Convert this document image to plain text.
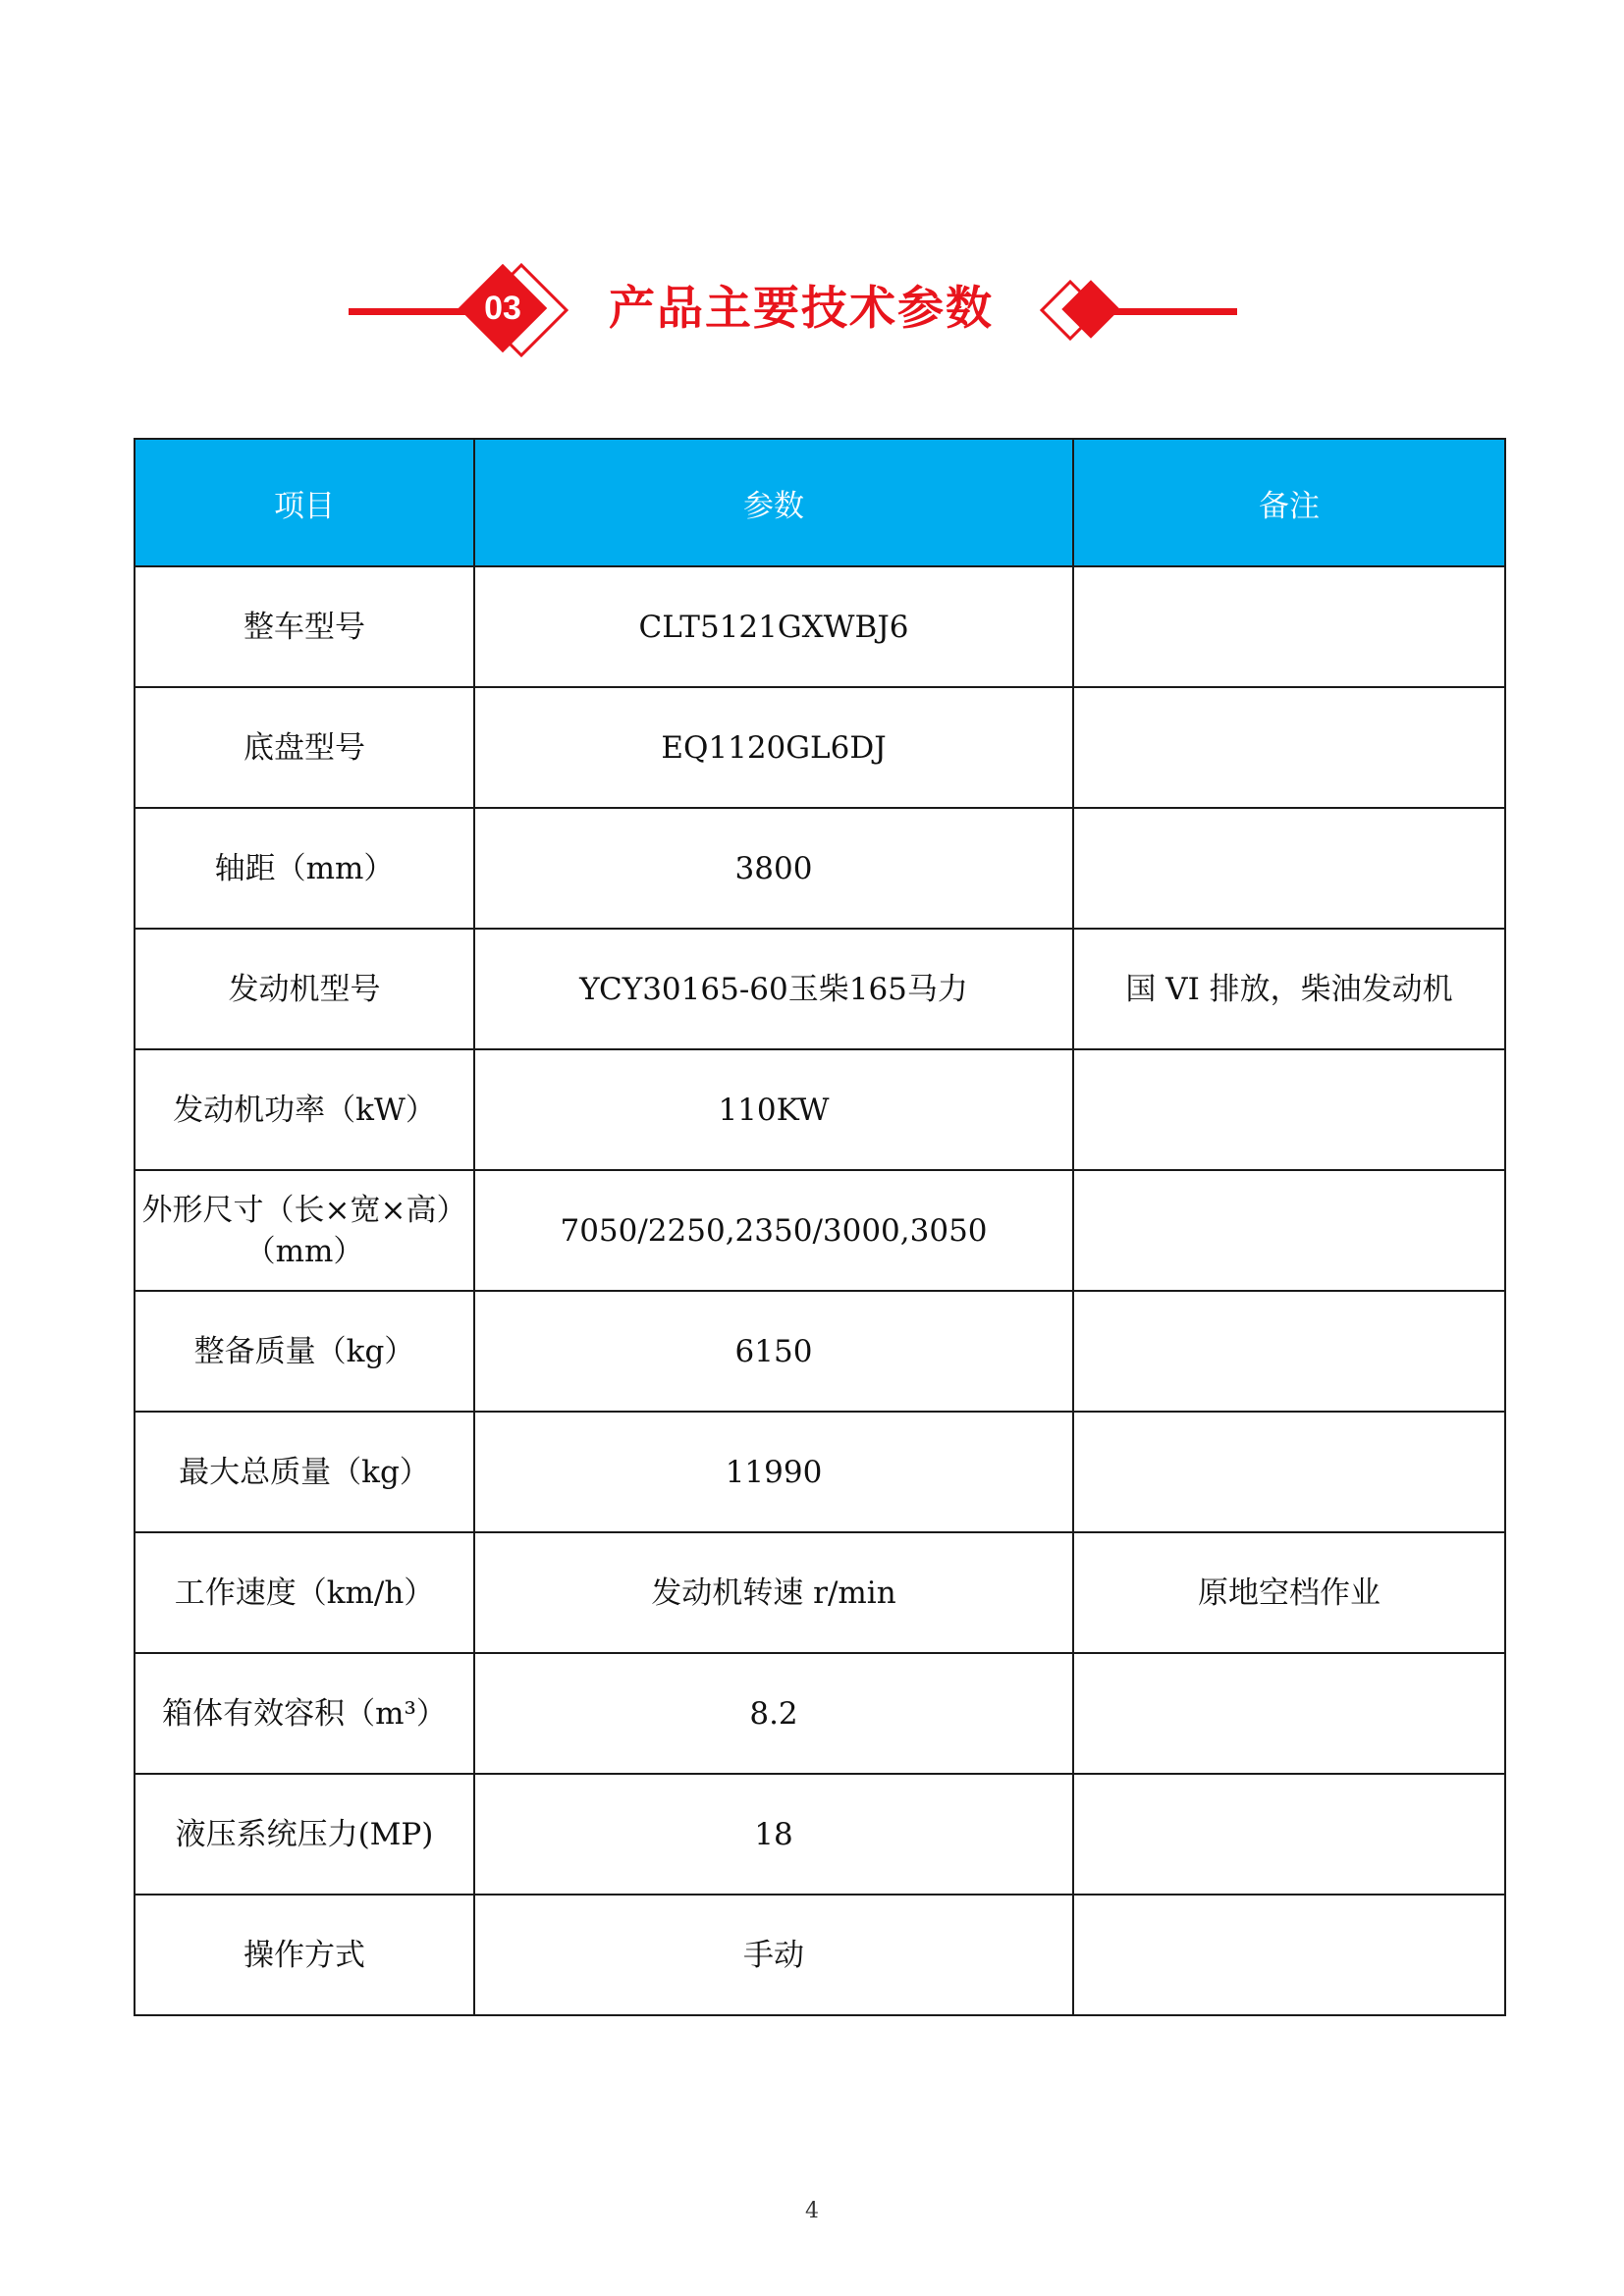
03 产品主要技术参数
项目	参数	备注
整车型号	CLT5121GXWBJ6	
底盘型号	EQ1120GL6DJ	
轴距（mm）	3800	
发动机型号	YCY30165-60玉柴165马力	国 VI 排放，柴油发动机
发动机功率（kW）	110KW	
外形尺寸（长×宽×高）（mm）	7050/2250,2350/3000,3050	
整备质量（kg）	6150	
最大总质量（kg）	11990	
工作速度（km/h）	发动机转速 r/min	原地空档作业
箱体有效容积（m³）	8.2	
液压系统压力(MP)	18	
操作方式	手动	
4
